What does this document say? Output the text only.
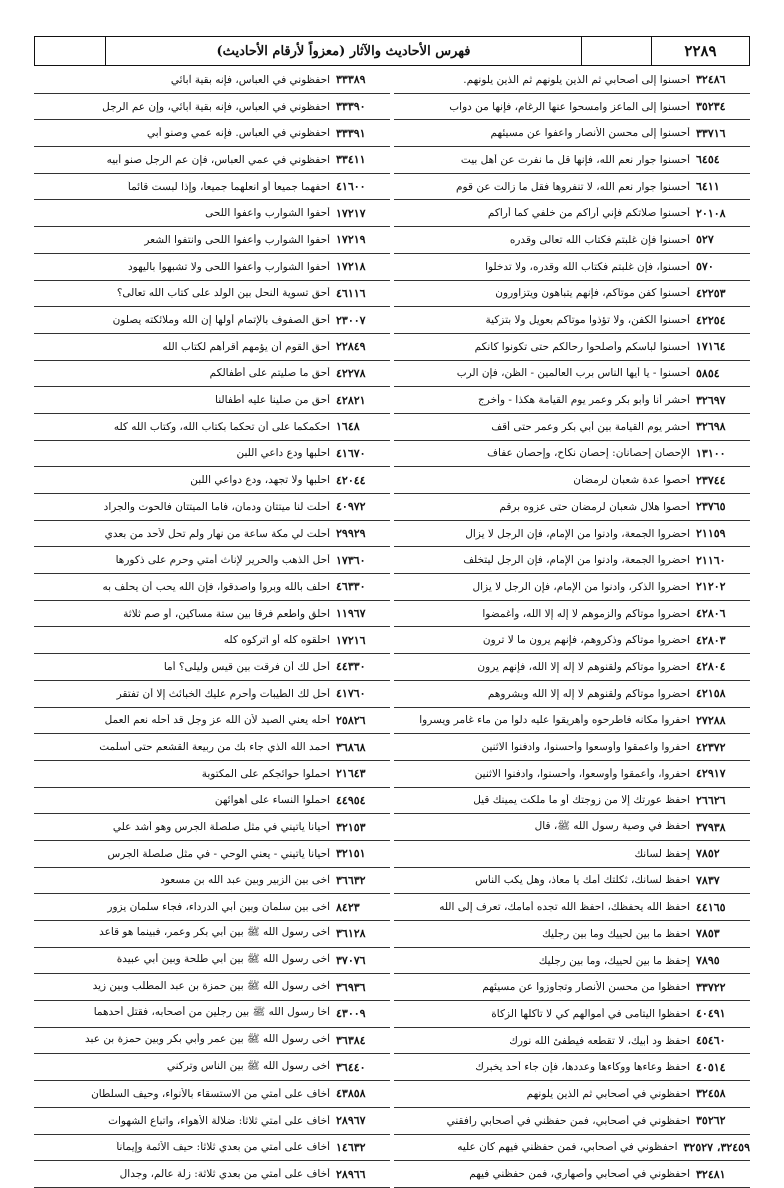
٢٢٨٩
فهرس الأحاديث والآثار (معزواً لأرقام الأحاديث)
أحسنوا إلى أصحابي ثم الذين يلونهم ثم الذين يلونهم. ٣٢٤٨٦
أحسنوا إلى الماعز وامسحوا عنها الرغام، فإنها من دواب ٣٥٢٣٤
أحسنوا إلى محسن الأنصار واعفوا عن مسيئهم ٣٣٧١٦
أحسنوا جوار نعم الله، فإنها قل ما نفرت عن أهل بيت ٦٤٥٤
أحسنوا جوار نعم الله، لا تنفروها فقل ما زالت عن قوم ٦٤١١
أحسنوا صلاتكم فإني أراكم من خلفي كما أراكم ٢٠١٠٨
أحسنوا فإن غلبتم فكتاب الله تعالى وقدره ٥٢٧
أحسنوا، فإن غلبتم فكتاب الله وقدره، ولا تدخلوا ٥٧٠
أحسنوا كفن موتاكم، فإنهم يتباهون ويتزاورون ٤٢٢٥٣
أحسنوا الكفن، ولا تؤذوا موتاكم بعويل ولا بتزكية ٤٢٢٥٤
أحسنوا لباسكم وأصلحوا رحالكم حتى تكونوا كأنكم ١٧١٦٤
أحسنوا - يا أيها الناس برب العالمين - الظن، فإن الرب ٥٨٥٤
أحشر أنا وأبو بكر وعمر يوم القيامة هكذا - وأخرج ٣٢٦٩٧
أحشر يوم القيامة بين أبي بكر وعمر حتى أقف ٣٢٦٩٨
الإحصان إحصانان: إحصان نكاح، وإحصان عفاف ١٣١٠٠
أحصوا عدة شعبان لرمضان ٢٣٧٤٤
أحصوا هلال شعبان لرمضان حتى عزوه برقم ٢٣٧٦٥
احضروا الجمعة، وادنوا من الإمام، فإن الرجل لا يزال ٢١١٥٩
احضروا الجمعة، وادنوا من الإمام، فإن الرجل ليتخلف ٢١١٦٠
احضروا الذكر، وادنوا من الإمام، فإن الرجل لا يزال ٢١٢٠٢
احضروا موتاكم والزموهم لا إله إلا الله، وأغمضوا ٤٢٨٠٦
احضروا موتاكم وذكروهم، فإنهم يرون ما لا ترون ٤٢٨٠٣
احضروا موتاكم ولقنوهم لا إله إلا الله، فإنهم يرون ٤٢٨٠٤
احضروا موتاكم ولقنوهم لا إله إلا الله وبشروهم ٤٢١٥٨
احفروا مكانه فاطرحوه وأهريقوا عليه دلوا من ماء غامر ويسروا ٢٧٢٨٨
احفروا واعمقوا وأوسعوا وأحسنوا، وادفنوا الاثنين ٤٢٣٧٢
احفروا، وأعمقوا وأوسعوا، وأحسنوا، وادفنوا الاثنين ٤٢٩١٧
احفظ عورتك إلا من زوجتك أو ما ملكت يمينك قيل ٢٦٦٢٦
احفظ في وصية رسول الله ﷺ، قال ٣٧٩٣٨
إحفظ لسانك ٧٨٥٢
احفظ لسانك، ثكلتك أمك يا معاذ، وهل يكب الناس ٧٨٣٧
احفظ الله يحفظك، احفظ الله تجده أمامك، تعرف إلى الله ٤٤١٦٥
احفظ ما بين لحييك وما بين رجليك ٧٨٥٣
إحفظ ما بين لحييك، وما بين رجليك ٧٨٩٥
احفظوا من محسن الأنصار وتجاوزوا عن مسيئهم ٣٣٧٢٢
احفظوا اليتامى في أموالهم كي لا تأكلها الزكاة ٤٠٤٩١
احفظ ود أبيك، لا تقطعه فيطفئ الله نورك ٤٥٤٦٠
احفظ وعاءها ووكاءها وعددها، فإن جاء أحد يخبرك ٤٠٥١٤
احفظوني في أصحابي ثم الذين يلونهم ٣٢٤٥٨
احفظوني في أصحابي، فمن حفظني في أصحابي رافقني ٣٥٢٦٢
احفظوني في أصحابي، فمن حفظني فيهم كان عليه ٣٢٤٥٩، ٣٢٥٢٧
احفظوني في أصحابي وأصهاري، فمن حفظني فيهم ٣٢٤٨١
احفظوني في العباس، فإنه بقية آبائي ٣٣٣٨٩
احفظوني في العباس، فإنه بقية آبائي، وإن عم الرجل ٣٣٣٩٠
احفظوني في العباس. فإنه عمي وصنو أبي ٣٣٣٩١
احفظوني في عمي العباس، فإن عم الرجل صنو أبيه ٣٣٤١١
احفهما جميعاً أو انعلهما جميعاً، وإذا لبست قائماً ٤١٦٠٠
أحفوا الشوارب واعفوا اللحى ١٧٢١٧
أحفوا الشوارب وأعفوا اللحى وانتفوا الشعر ١٧٢١٩
أحفوا الشوارب وأعفوا اللحى ولا تشبهوا باليهود ١٧٢١٨
أحق تسوية النحل بين الولد على كتاب الله تعالى؟ ٤٦١١٦
أحق الصفوف بالإتمام أولها إن الله وملائكته يصلون ٢٣٠٠٧
أحق القوم أن يؤمهم أقرأهم لكتاب الله ٢٢٨٤٩
أحق ما صليتم على أطفالكم ٤٢٢٧٨
أحق من صلينا عليه أطفالنا ٤٢٨٢١
احكمكما على أن تحكما بكتاب الله، وكتاب الله كله ١٦٤٨
احلبها ودع داعي اللبن ٤١٦٧٠
احلبها ولا تجهد، ودع دواعي اللبن ٤٢٠٤٤
أحلت لنا ميتتان ودمان، فأما الميتتان فالحوت والجراد ٤٠٩٧٢
أحلت لي مكة ساعة من نهار ولم تحل لأحد من بعدي ٢٩٩٢٩
أحل الذهب والحرير لإناث أمتي وحرم على ذكورها ١٧٣٦٠
احلف بالله وبروا واصدقوا، فإن الله يحب أن يحلف به ٤٦٣٣٠
احلق واطعم فرقا بين ستة مساكين، أو صم ثلاثة ١١٩٦٧
احلقوه كله أو اتركوه كله ١٧٢١٦
أحل لك أن فرقت بين قيس وليلى؟ أما ٤٤٣٣٠
أحل لك الطيبات وأحرم عليك الخبائث إلا أن تفتقر ٤١٧٦٠
أحله يعني الصيد لأن الله عز وجل قد أحله نعم العمل ٢٥٨٢٦
احمد الله الذي جاء بك من ربيعة القشعم حتى أسلمت ٣٦٨٦٨
احملوا حوائجكم على المكتوبة ٢١٦٤٣
احملوا النساء على أهوائهن ٤٤٩٥٤
أحياناً يأتيني في مثل صلصلة الجرس وهو أشد علي ٣٢١٥٣
أحياناً يأتيني - يعني الوحي - في مثل صلصلة الجرس ٣٢١٥١
آخى بين الزبير وبين عبد الله بن مسعود ٣٦٦٣٢
آخى بين سلمان وبين أبي الدرداء، فجاء سلمان يزور ٨٤٢٣
آخى رسول الله ﷺ بين أبي بكر وعمر، فبينما هو قاعد ٣٦١٢٨
آخى رسول الله ﷺ بين أبي طلحة وبين أبي عبيدة ٣٧٠٧٦
آخى رسول الله ﷺ بين حمزة بن عبد المطلب وبين زيد ٣٦٩٣٦
آخا رسول الله ﷺ بين رجلين من أصحابه، فقتل أحدهما ٤٣٠٠٩
آخى رسول الله ﷺ بين عمر وأبي بكر وبين حمزة بن عبد ٣٦٣٨٤
آخى رسول الله ﷺ بين الناس وتركني ٣٦٤٤٠
أخاف على أمتي من الاستسقاء بالأنواء، وحيف السلطان ٤٣٨٥٨
أخاف على أمتي ثلاثاً: ضلالة الأهواء، واتباع الشهوات ٢٨٩٦٧
أخاف على أمتي من بعدي ثلاثاً: حيف الأئمة وإيماناً ١٤٦٣٢
أخاف على أمتي من بعدي ثلاثة: زلة عالم، وجدال ٢٨٩٦٦
